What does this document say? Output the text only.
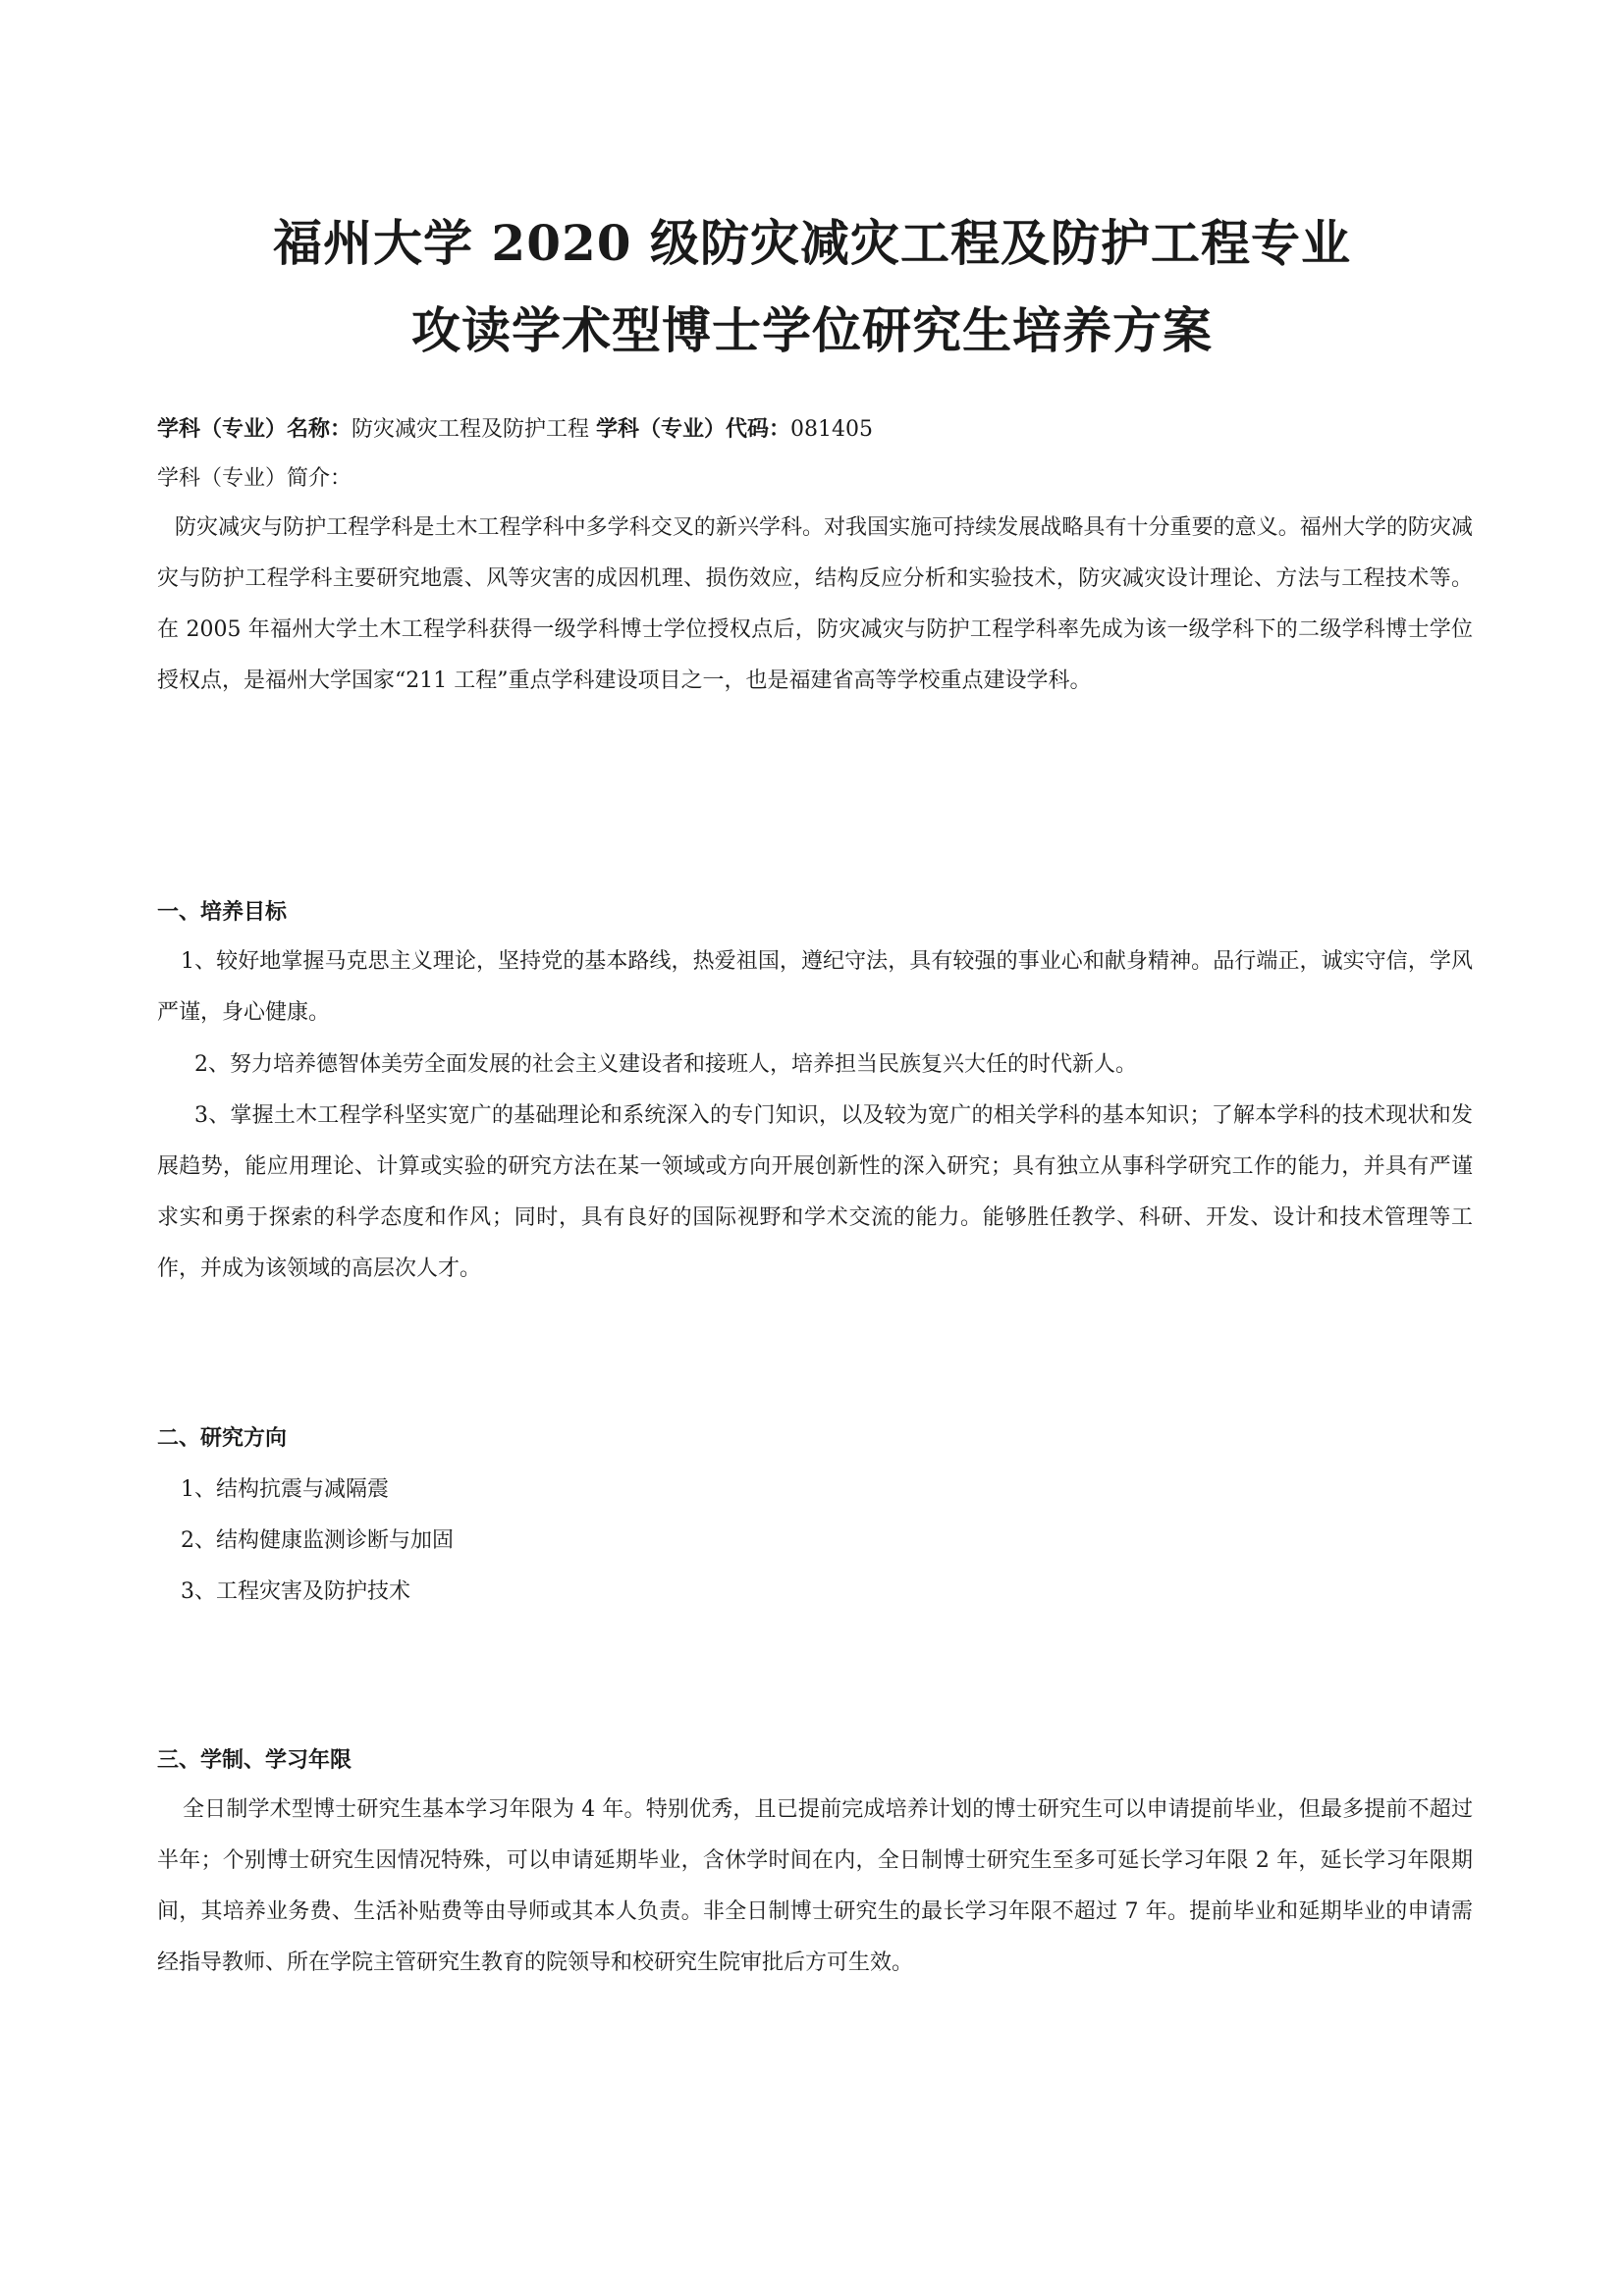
福州大学 2020 级防灾减灾工程及防护工程专业
攻读学术型博士学位研究生培养方案
学科（专业）名称：防灾减灾工程及防护工程 学科（专业）代码：081405
学科（专业）简介：
防灾减灾与防护工程学科是土木工程学科中多学科交叉的新兴学科。对我国实施可持续发展战略具有十分重要的意义。福州大学的防灾减灾与防护工程学科主要研究地震、风等灾害的成因机理、损伤效应，结构反应分析和实验技术，防灾减灾设计理论、方法与工程技术等。在 2005 年福州大学土木工程学科获得一级学科博士学位授权点后，防灾减灾与防护工程学科率先成为该一级学科下的二级学科博士学位授权点，是福州大学国家“211 工程”重点学科建设项目之一，也是福建省高等学校重点建设学科。
一、培养目标
1、较好地掌握马克思主义理论，坚持党的基本路线，热爱祖国，遵纪守法，具有较强的事业心和献身精神。品行端正，诚实守信，学风严谨，身心健康。
2、努力培养德智体美劳全面发展的社会主义建设者和接班人，培养担当民族复兴大任的时代新人。
3、掌握土木工程学科坚实宽广的基础理论和系统深入的专门知识，以及较为宽广的相关学科的基本知识；了解本学科的技术现状和发展趋势，能应用理论、计算或实验的研究方法在某一领域或方向开展创新性的深入研究；具有独立从事科学研究工作的能力，并具有严谨求实和勇于探索的科学态度和作风；同时，具有良好的国际视野和学术交流的能力。能够胜任教学、科研、开发、设计和技术管理等工作，并成为该领域的高层次人才。
二、研究方向
1、结构抗震与减隔震
2、结构健康监测诊断与加固
3、工程灾害及防护技术
三、学制、学习年限
全日制学术型博士研究生基本学习年限为 4 年。特别优秀，且已提前完成培养计划的博士研究生可以申请提前毕业，但最多提前不超过半年；个别博士研究生因情况特殊，可以申请延期毕业，含休学时间在内，全日制博士研究生至多可延长学习年限 2 年，延长学习年限期间，其培养业务费、生活补贴费等由导师或其本人负责。非全日制博士研究生的最长学习年限不超过 7 年。提前毕业和延期毕业的申请需经指导教师、所在学院主管研究生教育的院领导和校研究生院审批后方可生效。
